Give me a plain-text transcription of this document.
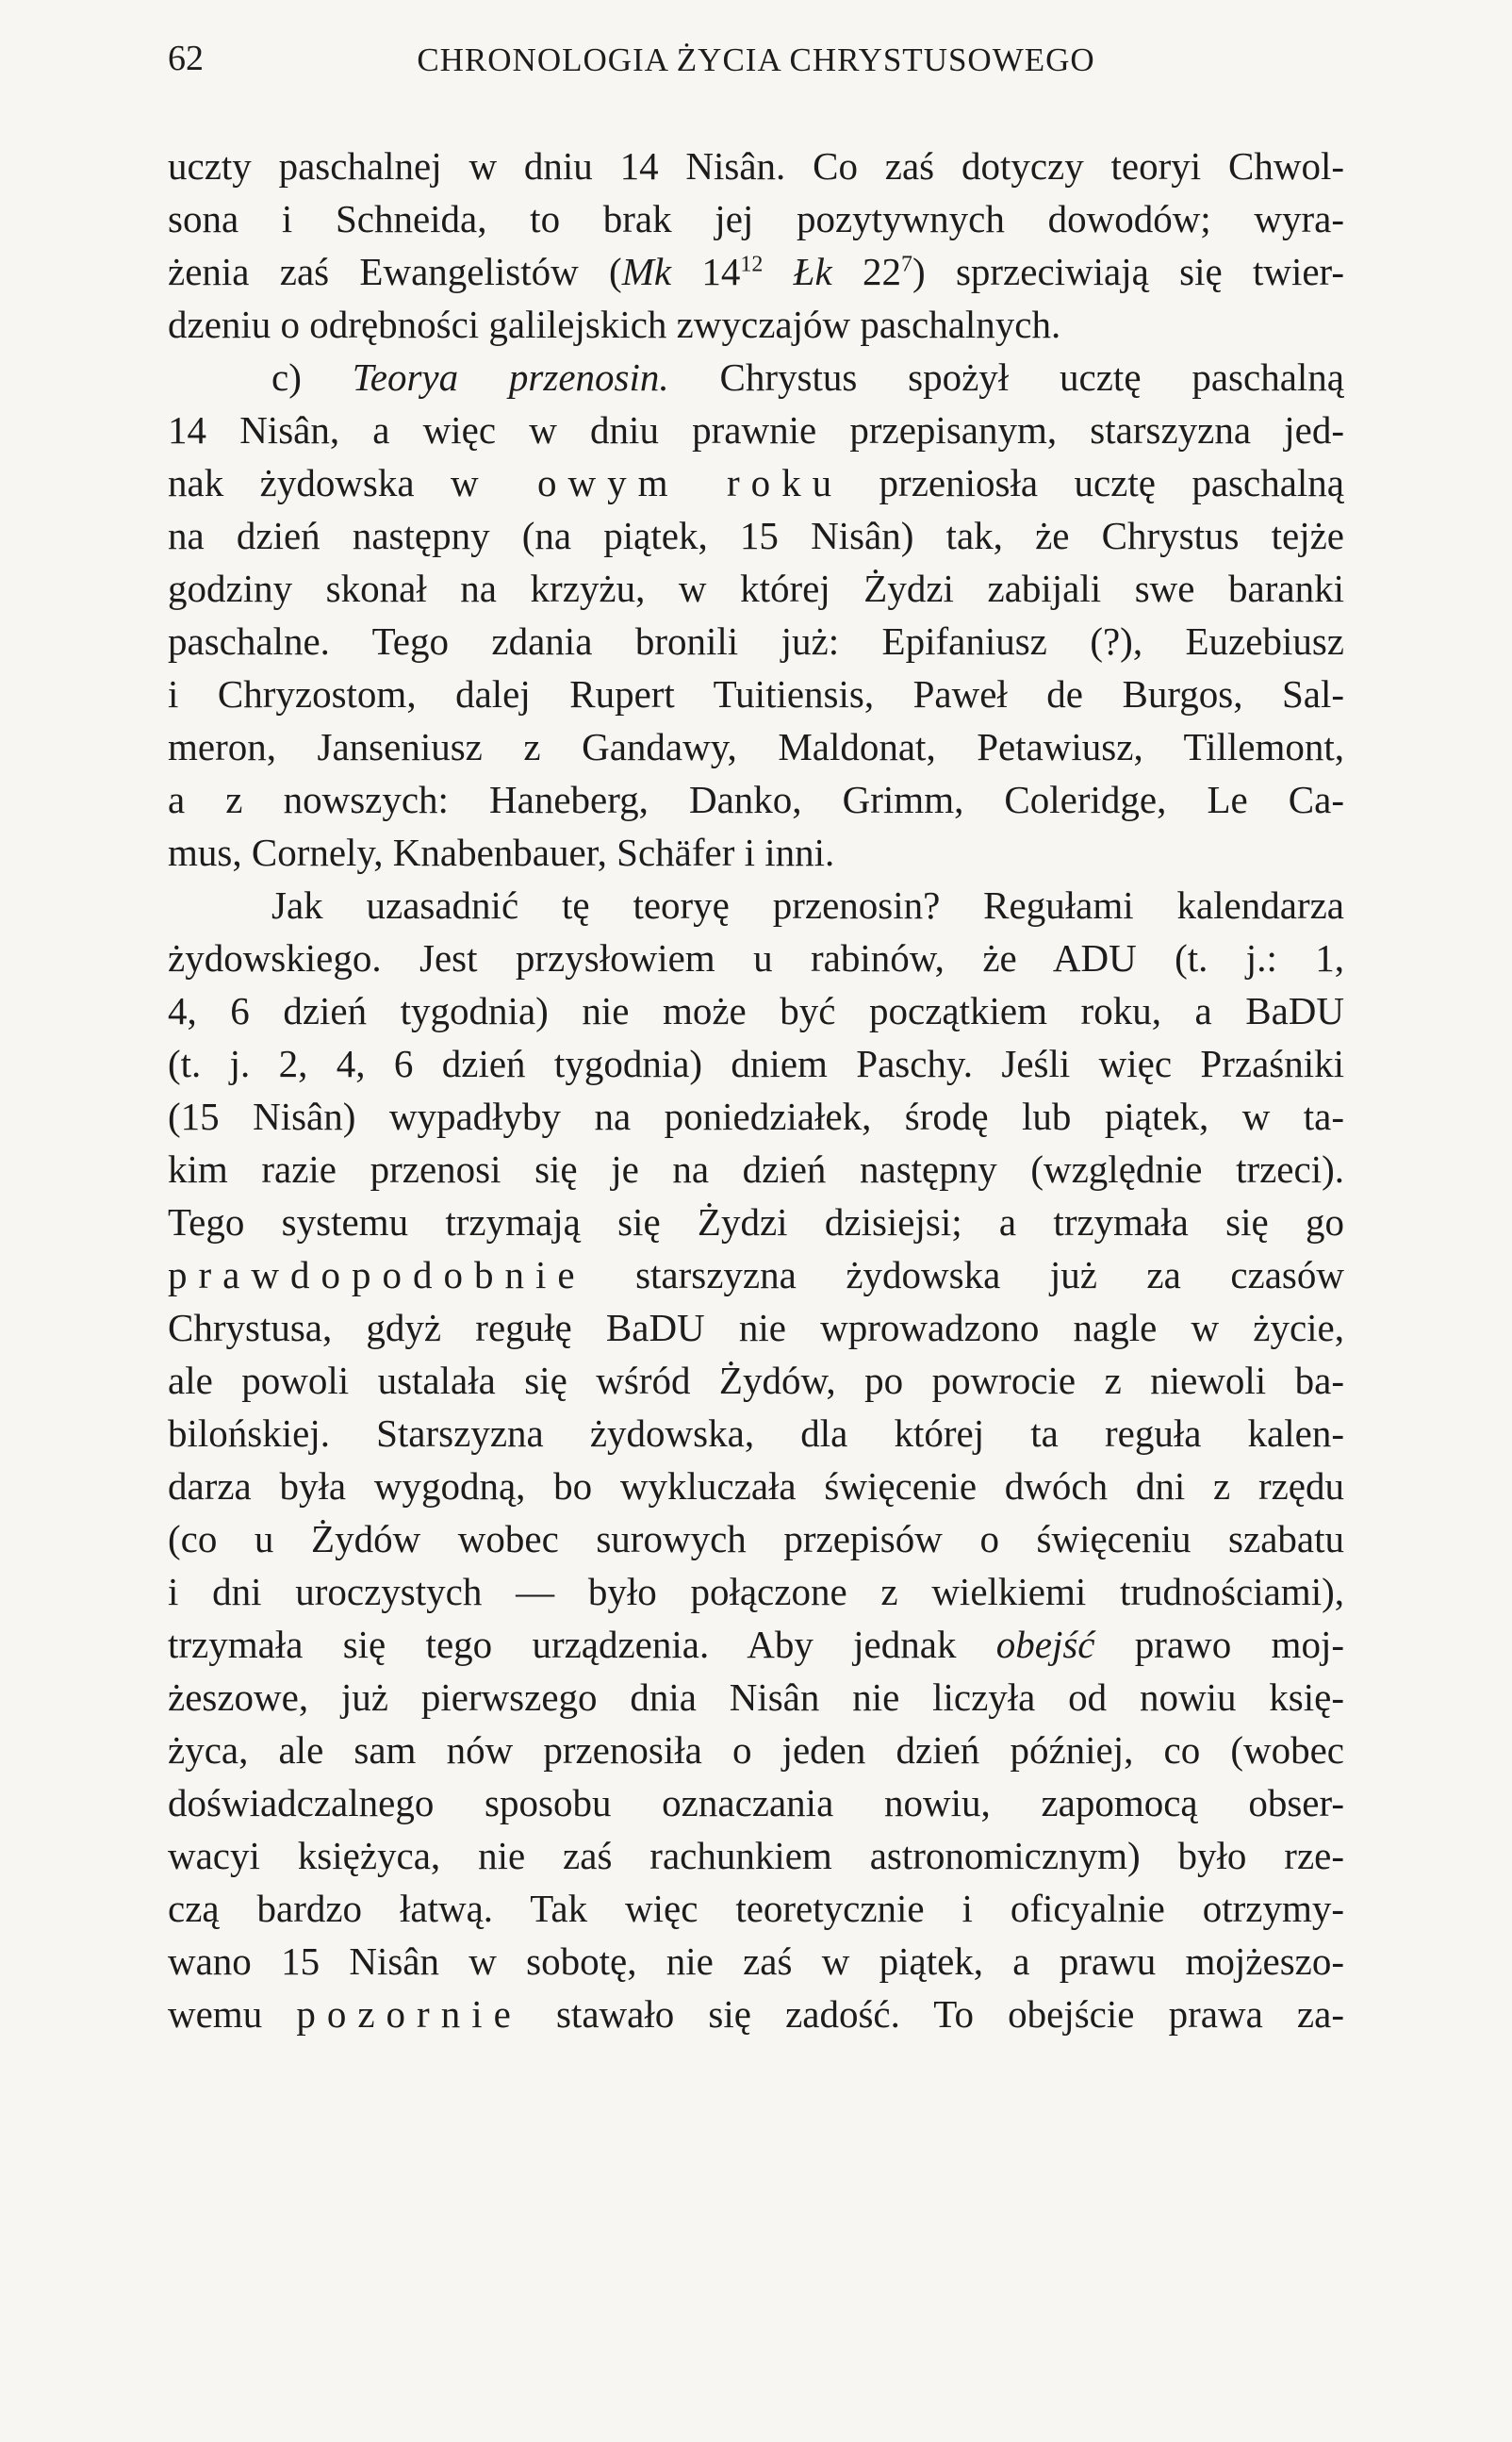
62	CHRONOLOGIA ŻYCIA CHRYSTUSOWEGO
uczty paschalnej w dniu 14 Nisân. Co zaś dotyczy teoryi Chwol-
sona i Schneida, to brak jej pozytywnych dowodów; wyra-
żenia zaś Ewangelistów (Mk $14^{12}$ Łk $22^7$) sprzeciwiają się twier-
dzeniu o odrębności galilejskich zwyczajów paschalnych.
c) Teorya przenosin. Chrystus spożył ucztę paschalną
14 Nisân, a więc w dniu prawnie przepisanym, starszyzna jed-
nak żydowska w owym roku przeniosła ucztę paschalną
na dzień następny (na piątek, 15 Nisân) tak, że Chrystus tejże
godziny skonał na krzyżu, w której Żydzi zabijali swe baranki
paschalne. Tego zdania bronili już: Epifaniusz (?), Euzebiusz
i Chryzostom, dalej Rupert Tuitiensis, Paweł de Burgos, Sal-
meron, Janseniusz z Gandawy, Maldonat, Petawiusz, Tillemont,
a z nowszych: Haneberg, Danko, Grimm, Coleridge, Le Ca-
mus, Cornely, Knabenbauer, Schäfer i inni.
Jak uzasadnić tę teoryę przenosin? Regułami kalendarza
żydowskiego. Jest przysłowiem u rabinów, że ADU (t. j.: 1,
4, 6 dzień tygodnia) nie może być początkiem roku, a BaDU
(t. j. 2, 4, 6 dzień tygodnia) dniem Paschy. Jeśli więc Przaśniki
(15 Nisân) wypadłyby na poniedziałek, środę lub piątek, w ta-
kim razie przenosi się je na dzień następny (względnie trzeci).
Tego systemu trzymają się Żydzi dzisiejsi; a trzymała się go
prawdopodobnie starszyzna żydowska już za czasów
Chrystusa, gdyż regułę BaDU nie wprowadzono nagle w życie,
ale powoli ustalała się wśród Żydów, po powrocie z niewoli ba-
bilońskiej. Starszyzna żydowska, dla której ta reguła kalen-
darza była wygodną, bo wykluczała święcenie dwóch dni z rzędu
(co u Żydów wobec surowych przepisów o święceniu szabatu
i dni uroczystych — było połączone z wielkiemi trudnościami),
trzymała się tego urządzenia. Aby jednak obejść prawo moj-
żeszowe, już pierwszego dnia Nisân nie liczyła od nowiu księ-
życa, ale sam nów przenosiła o jeden dzień później, co (wobec
doświadczalnego sposobu oznaczania nowiu, zapomocą obser-
wacyi księżyca, nie zaś rachunkiem astronomicznym) było rze-
czą bardzo łatwą. Tak więc teoretycznie i oficyalnie otrzymy-
wano 15 Nisân w sobotę, nie zaś w piątek, a prawu mojżeszo-
wemu pozornie stawało się zadość. To obejście prawa za-
